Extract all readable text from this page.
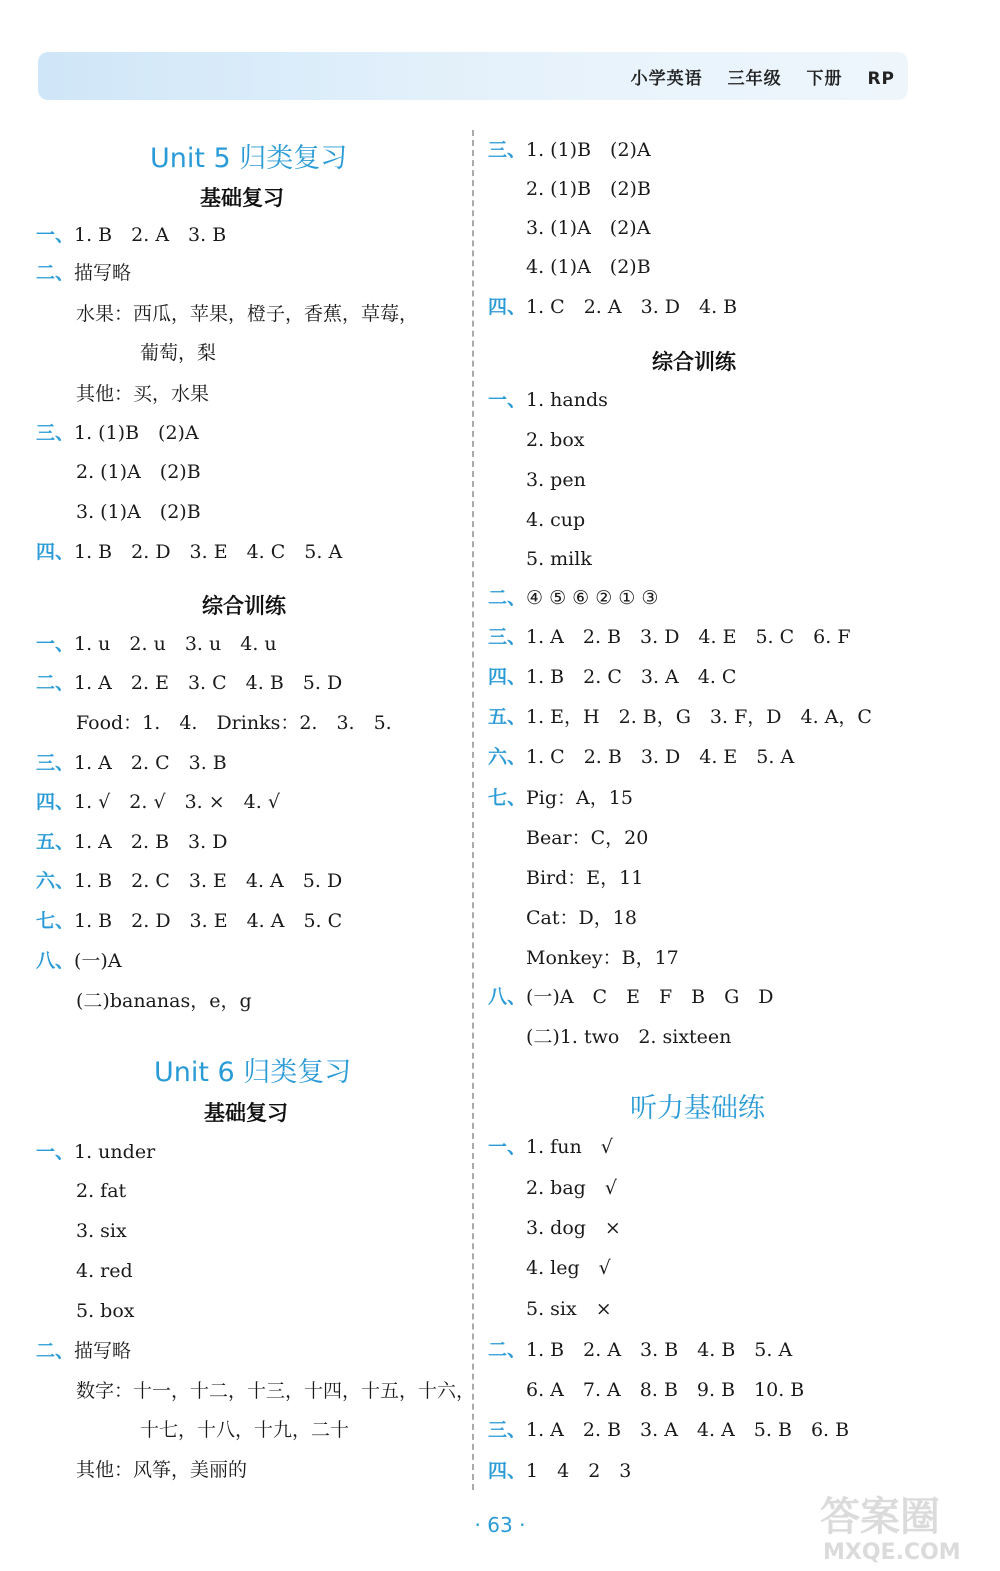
小学英语 三年级 下册 RP
Unit 5 归类复习
基础复习
一、1. B　2. A　3. B
二、描写略
水果：西瓜，苹果，橙子，香蕉，草莓，
葡萄，梨
其他：买，水果
三、1. (1)B　(2)A
2. (1)A　(2)B
3. (1)A　(2)B
四、1. B　2. D　3. E　4. C　5. A
综合训练
一、1. u　2. u　3. u　4. u
二、1. A　2. E　3. C　4. B　5. D
Food：1.　4.　Drinks：2.　3.　5.
三、1. A　2. C　3. B
四、1. √　2. √　3. ×　4. √
五、1. A　2. B　3. D
六、1. B　2. C　3. E　4. A　5. D
七、1. B　2. D　3. E　4. A　5. C
八、(一)A
(二)bananas，e，g
Unit 6 归类复习
基础复习
一、1. under
2. fat
3. six
4. red
5. box
二、描写略
数字：十一，十二，十三，十四，十五，十六，
十七，十八，十九，二十
其他：风筝，美丽的
三、1. (1)B　(2)A
2. (1)B　(2)B
3. (1)A　(2)A
4. (1)A　(2)B
四、1. C　2. A　3. D　4. B
综合训练
一、1. hands
2. box
3. pen
4. cup
5. milk
二、④ ⑤ ⑥ ② ① ③
三、1. A　2. B　3. D　4. E　5. C　6. F
四、1. B　2. C　3. A　4. C
五、1. E，H　2. B，G　3. F，D　4. A，C
六、1. C　2. B　3. D　4. E　5. A
七、Pig：A，15
Bear：C，20
Bird：E，11
Cat：D，18
Monkey：B，17
八、(一)A　C　E　F　B　G　D
(二)1. two　2. sixteen
听力基础练
一、1. fun　√
2. bag　√
3. dog　×
4. leg　√
5. six　×
二、1. B　2. A　3. B　4. B　5. A
6. A　7. A　8. B　9. B　10. B
三、1. A　2. B　3. A　4. A　5. B　6. B
四、1　4　2　3
· 63 ·	答案圈
MXQE.COM
